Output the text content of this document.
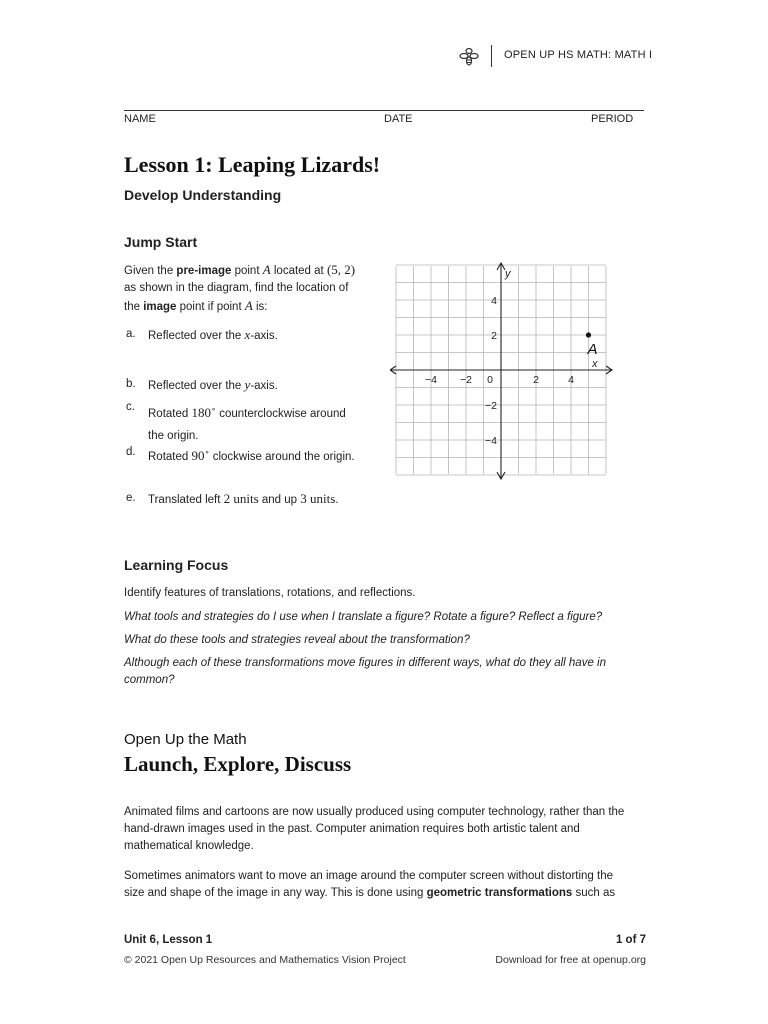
OPEN UP HS MATH: MATH I
NAME	DATE	PERIOD
Lesson 1: Leaping Lizards!
Develop Understanding
Jump Start
Given the pre-image point A located at (5, 2)
as shown in the diagram, find the location of
the image point if point A is:
a. Reflected over the x-axis.
b. Reflected over the y-axis.
c.
Rotated 180∘ counterclockwise around
the origin.
d. Rotated 90∘ clockwise around the origin.
e. Translated left 2 units and up 3 units.
−4 −2 0	2	4
4
2
−2
−4
y
x
A
Learning Focus
Identify features of translations, rotations, and reflections.
What tools and strategies do I use when I translate a figure? Rotate a figure? Reflect a figure?
What do these tools and strategies reveal about the transformation?
Although each of these transformations move figures in different ways, what do they all have in
common?
Open Up the Math
Launch, Explore, Discuss
Animated films and cartoons are now usually produced using computer technology, rather than the
hand-drawn images used in the past. Computer animation requires both artistic talent and
mathematical knowledge.
Sometimes animators want to move an image around the computer screen without distorting the
size and shape of the image in any way. This is done using geometric transformations such as
Unit 6, Lesson 1	1 of 7
© 2021 Open Up Resources and Mathematics Vision Project	Download for free at openup.org
